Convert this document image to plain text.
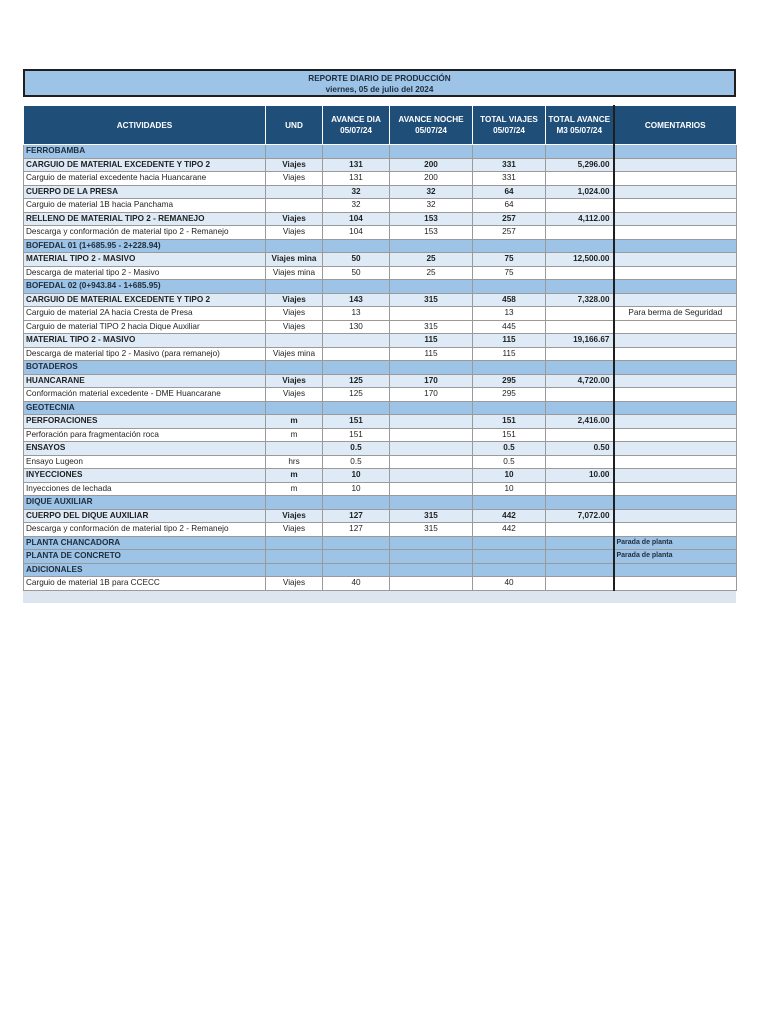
REPORTE DIARIO DE PRODUCCIÓN
viernes, 05 de julio del 2024
ACTIVIDADES	UND	AVANCE DIA 05/07/24	AVANCE NOCHE 05/07/24	TOTAL VIAJES 05/07/24	TOTAL AVANCE M3 05/07/24	COMENTARIOS
FERROBAMBA						
CARGUIO DE MATERIAL EXCEDENTE Y TIPO 2	Viajes	131	200	331	5,296.00	
Carguio de material excedente hacia Huancarane	Viajes	131	200	331		
CUERPO DE LA PRESA		32	32	64	1,024.00	
Carguio de material 1B hacia Panchama		32	32	64		
RELLENO DE MATERIAL TIPO 2 - REMANEJO	Viajes	104	153	257	4,112.00	
Descarga y conformación de material tipo 2 - Remanejo	Viajes	104	153	257		
BOFEDAL 01 (1+685.95 - 2+228.94)						
MATERIAL TIPO 2 - MASIVO	Viajes mina	50	25	75	12,500.00	
Descarga de material tipo 2 - Masivo	Viajes mina	50	25	75		
BOFEDAL 02 (0+943.84 - 1+685.95)						
CARGUIO DE MATERIAL EXCEDENTE Y TIPO 2	Viajes	143	315	458	7,328.00	
Carguio de material 2A hacia Cresta de Presa	Viajes	13		13		Para berma de Seguridad
Carguio de material TIPO 2 hacia Dique Auxiliar	Viajes	130	315	445		
MATERIAL TIPO 2 - MASIVO			115	115	19,166.67	
Descarga de material tipo 2 - Masivo (para remanejo)	Viajes mina		115	115		
BOTADEROS						
HUANCARANE	Viajes	125	170	295	4,720.00	
Conformación material excedente - DME Huancarane	Viajes	125	170	295		
GEOTECNIA						
PERFORACIONES	m	151		151	2,416.00	
Perforación para fragmentación roca	m	151		151		
ENSAYOS		0.5		0.5	0.50	
Ensayo Lugeon	hrs	0.5		0.5		
INYECCIONES	m	10		10	10.00	
Inyecciones de lechada	m	10		10		
DIQUE AUXILIAR						
CUERPO DEL DIQUE AUXILIAR	Viajes	127	315	442	7,072.00	
Descarga y conformación de material tipo 2 - Remanejo	Viajes	127	315	442		
PLANTA CHANCADORA						Parada de planta
PLANTA DE CONCRETO						Parada de planta
ADICIONALES						
Carguio de material 1B para CCECC	Viajes	40		40		
